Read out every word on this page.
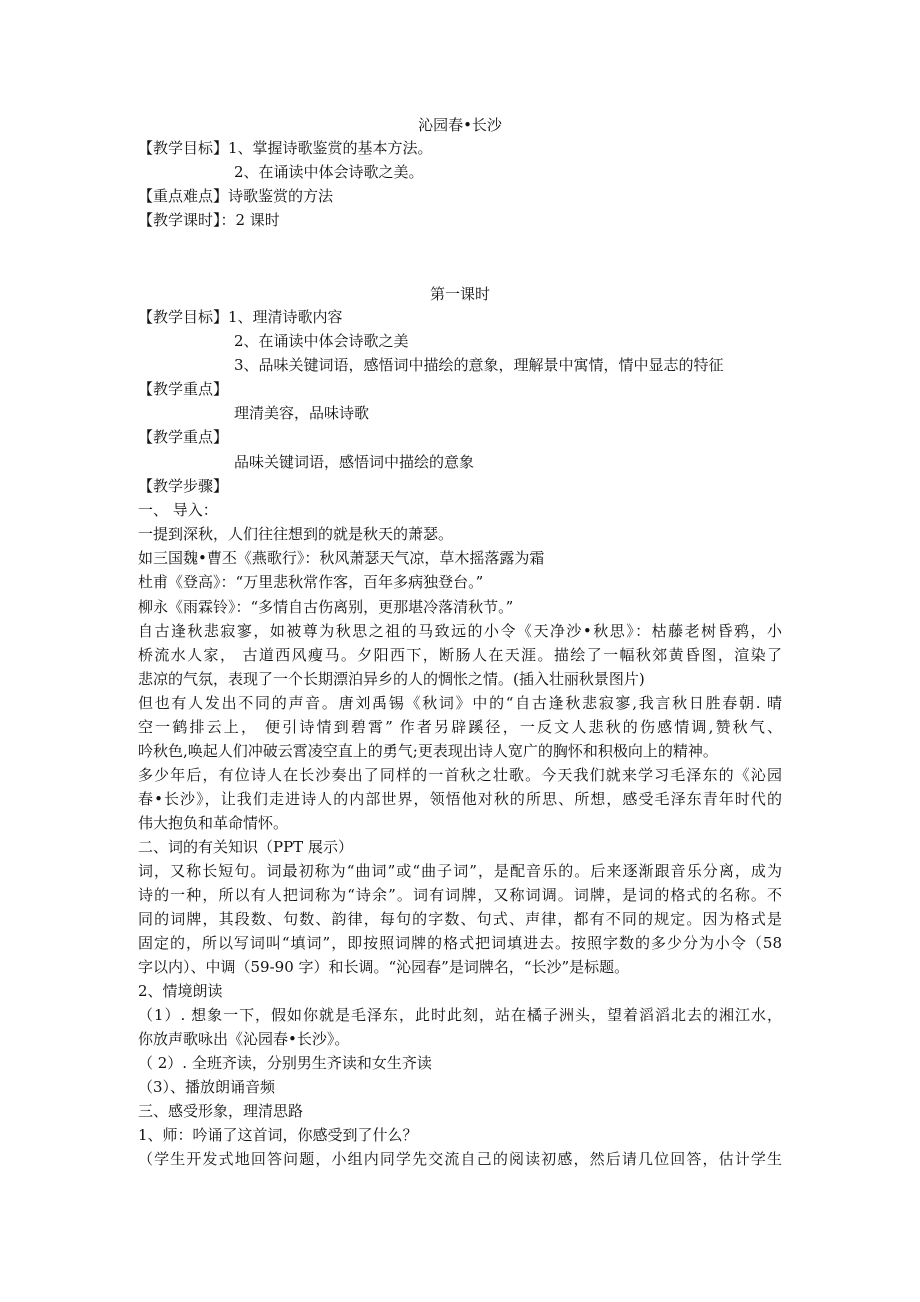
沁园春•长沙
【教学目标】1、掌握诗歌鉴赏的基本方法。
2、在诵读中体会诗歌之美。
【重点难点】诗歌鉴赏的方法
【教学课时】：2 课时
第一课时
【教学目标】1、理清诗歌内容
2、在诵读中体会诗歌之美
3、品味关键词语，感悟词中描绘的意象，理解景中寓情，情中显志的特征
【教学重点】
理清美容，品味诗歌
【教学重点】
品味关键词语，感悟词中描绘的意象
【教学步骤】
一、 导入：
一提到深秋，人们往往想到的就是秋天的萧瑟。
如三国魏•曹丕《燕歌行》：秋风萧瑟天气凉，草木摇落露为霜
杜甫《登高》：“万里悲秋常作客，百年多病独登台。”
柳永《雨霖铃》：“多情自古伤离别，更那堪冷落清秋节。”
自古逢秋悲寂寥，如被尊为秋思之祖的马致远的小令《天净沙•秋思》：枯藤老树昏鸦，小
桥流水人家， 古道西风瘦马。夕阳西下，断肠人在天涯。描绘了一幅秋郊黄昏图，渲染了
悲凉的气氛，表现了一个长期漂泊异乡的人的惆怅之情。(插入壮丽秋景图片)
但也有人发出不同的声音。唐刘禹锡《秋词》中的“自古逢秋悲寂寥,我言秋日胜春朝. 晴
空一鹤排云上， 便引诗情到碧霄” 作者另辟蹊径，一反文人悲秋的伤感情调,赞秋气、
吟秋色,唤起人们冲破云霄凌空直上的勇气;更表现出诗人宽广的胸怀和积极向上的精神。
多少年后，有位诗人在长沙奏出了同样的一首秋之壮歌。今天我们就来学习毛泽东的《沁园
春•长沙》，让我们走进诗人的内部世界，领悟他对秋的所思、所想，感受毛泽东青年时代的
伟大抱负和革命情怀。
二、词的有关知识（PPT 展示）
词，又称长短句。词最初称为“曲词”或“曲子词”，是配音乐的。后来逐渐跟音乐分离，成为
诗的一种，所以有人把词称为“诗余”。词有词牌，又称词调。词牌，是词的格式的名称。不
同的词牌，其段数、句数、韵律，每句的字数、句式、声律，都有不同的规定。因为格式是
固定的，所以写词叫“填词”，即按照词牌的格式把词填进去。按照字数的多少分为小令（58
字以内）、中调（59-90 字）和长调。“沁园春”是词牌名，“长沙”是标题。
2、情境朗读
（1）. 想象一下，假如你就是毛泽东，此时此刻，站在橘子洲头，望着滔滔北去的湘江水，
你放声歌咏出《沁园春•长沙》。
（ 2）. 全班齐读，分别男生齐读和女生齐读
（3）、播放朗诵音频
三、感受形象，理清思路
1、师：吟诵了这首词，你感受到了什么？
（学生开发式地回答问题，小组内同学先交流自己的阅读初感，然后请几位回答，估计学生
